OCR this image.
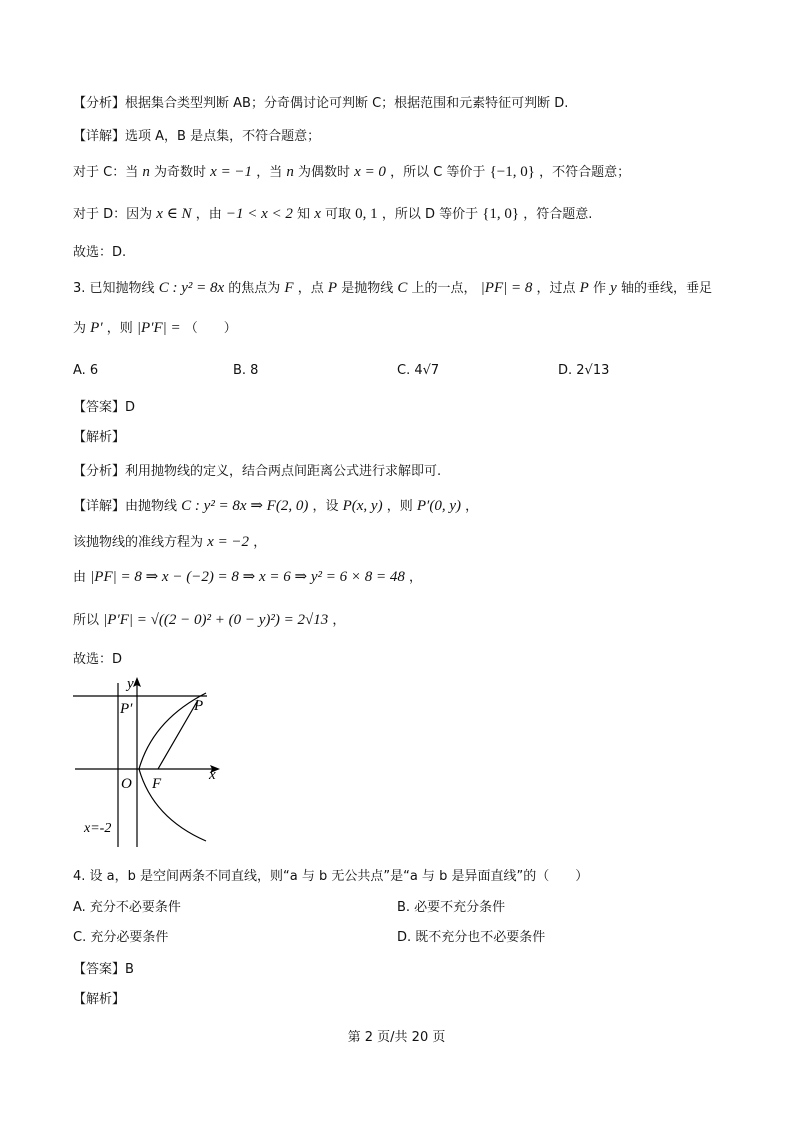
【分析】根据集合类型判断 AB；分奇偶讨论可判断 C；根据范围和元素特征可判断 D.
【详解】选项 A，B 是点集，不符合题意；
对于 C：当 n 为奇数时 x = −1 ，当 n 为偶数时 x = 0 ，所以 C 等价于 {−1, 0} ，不符合题意；
对于 D：因为 x ∈ N ，由 −1 < x < 2 知 x 可取 0, 1 ，所以 D 等价于 {1, 0} ，符合题意.
故选：D.
3. 已知抛物线 C : y² = 8x 的焦点为 F ，点 P 是抛物线 C 上的一点， |PF| = 8 ，过点 P 作 y 轴的垂线，垂足
为 P′ ，则 |P′F| = （　　）
A. 6	B. 8	C. 4√7	D. 2√13
【答案】D
【解析】
【分析】利用抛物线的定义，结合两点间距离公式进行求解即可.
【详解】由抛物线 C : y² = 8x ⇒ F(2, 0) ，设 P(x, y) ，则 P′(0, y) ，
该抛物线的准线方程为 x = −2 ，
由 |PF| = 8 ⇒ x − (−2) = 8 ⇒ x = 6 ⇒ y² = 6 × 8 = 48 ，
所以 |P′F| = √((2 − 0)² + (0 − y)²) = 2√13 ，
故选：D
y
x
O F
P
P′
x=-2
4. 设 a，b 是空间两条不同直线，则“a 与 b 无公共点”是“a 与 b 是异面直线”的（　　）
A. 充分不必要条件	B. 必要不充分条件
C. 充分必要条件	D. 既不充分也不必要条件
【答案】B
【解析】
第 2 页/共 20 页
